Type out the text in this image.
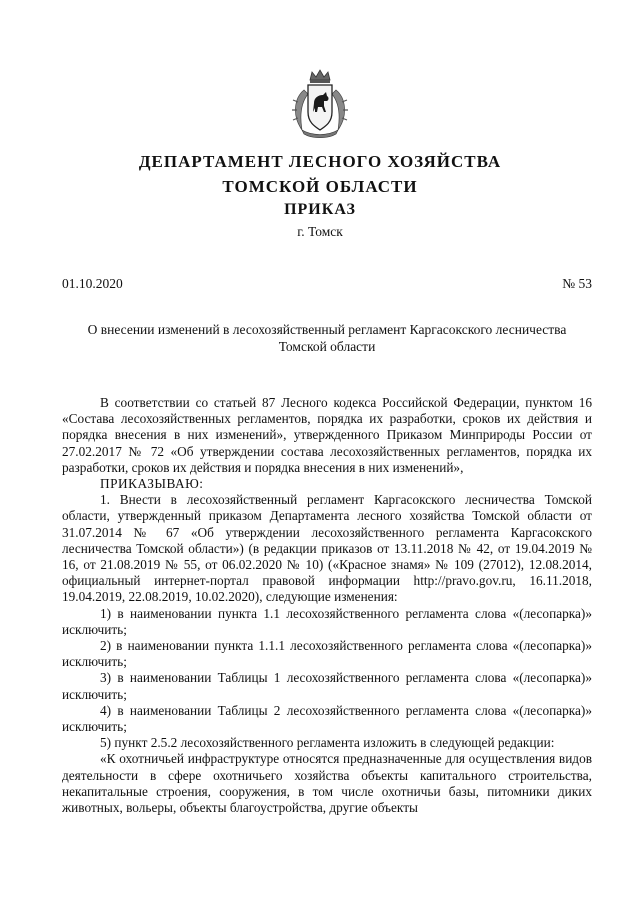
ДЕПАРТАМЕНТ ЛЕСНОГО ХОЗЯЙСТВА
ТОМСКОЙ ОБЛАСТИ
ПРИКАЗ
г. Томск
01.10.2020	№ 53
О внесении изменений в лесохозяйственный регламент Каргасокского лесничества Томской области

В соответствии со статьей 87 Лесного кодекса Российской Федерации, пунктом 16 «Состава лесохозяйственных регламентов, порядка их разработки, сроков их действия и порядка внесения в них изменений», утвержденного Приказом Минприроды России от 27.02.2017 № 72 «Об утверждении состава лесохозяйственных регламентов, порядка их разработки, сроков их действия и порядка внесения в них изменений»,

ПРИКАЗЫВАЮ:

1. Внести в лесохозяйственный регламент Каргасокского лесничества Томской области, утвержденный приказом Департамента лесного хозяйства Томской области от 31.07.2014 № 67 «Об утверждении лесохозяйственного регламента Каргасокского лесничества Томской области») (в редакции приказов от 13.11.2018 № 42, от 19.04.2019 № 16, от 21.08.2019 № 55, от 06.02.2020 № 10) («Красное знамя» № 109 (27012), 12.08.2014, официальный интернет-портал правовой информации http://pravo.gov.ru, 16.11.2018, 19.04.2019, 22.08.2019, 10.02.2020), следующие изменения:

1) в наименовании пункта 1.1 лесохозяйственного регламента слова «(лесопарка)» исключить;

2) в наименовании пункта 1.1.1 лесохозяйственного регламента слова «(лесопарка)» исключить;

3) в наименовании Таблицы 1 лесохозяйственного регламента слова «(лесопарка)» исключить;

4) в наименовании Таблицы 2 лесохозяйственного регламента слова «(лесопарка)» исключить;

5) пункт 2.5.2 лесохозяйственного регламента изложить в следующей редакции:

«К охотничьей инфраструктуре относятся предназначенные для осуществления видов деятельности в сфере охотничьего хозяйства объекты капитального строительства, некапитальные строения, сооружения, в том числе охотничьи базы, питомники диких животных, вольеры, объекты благоустройства, другие объекты
